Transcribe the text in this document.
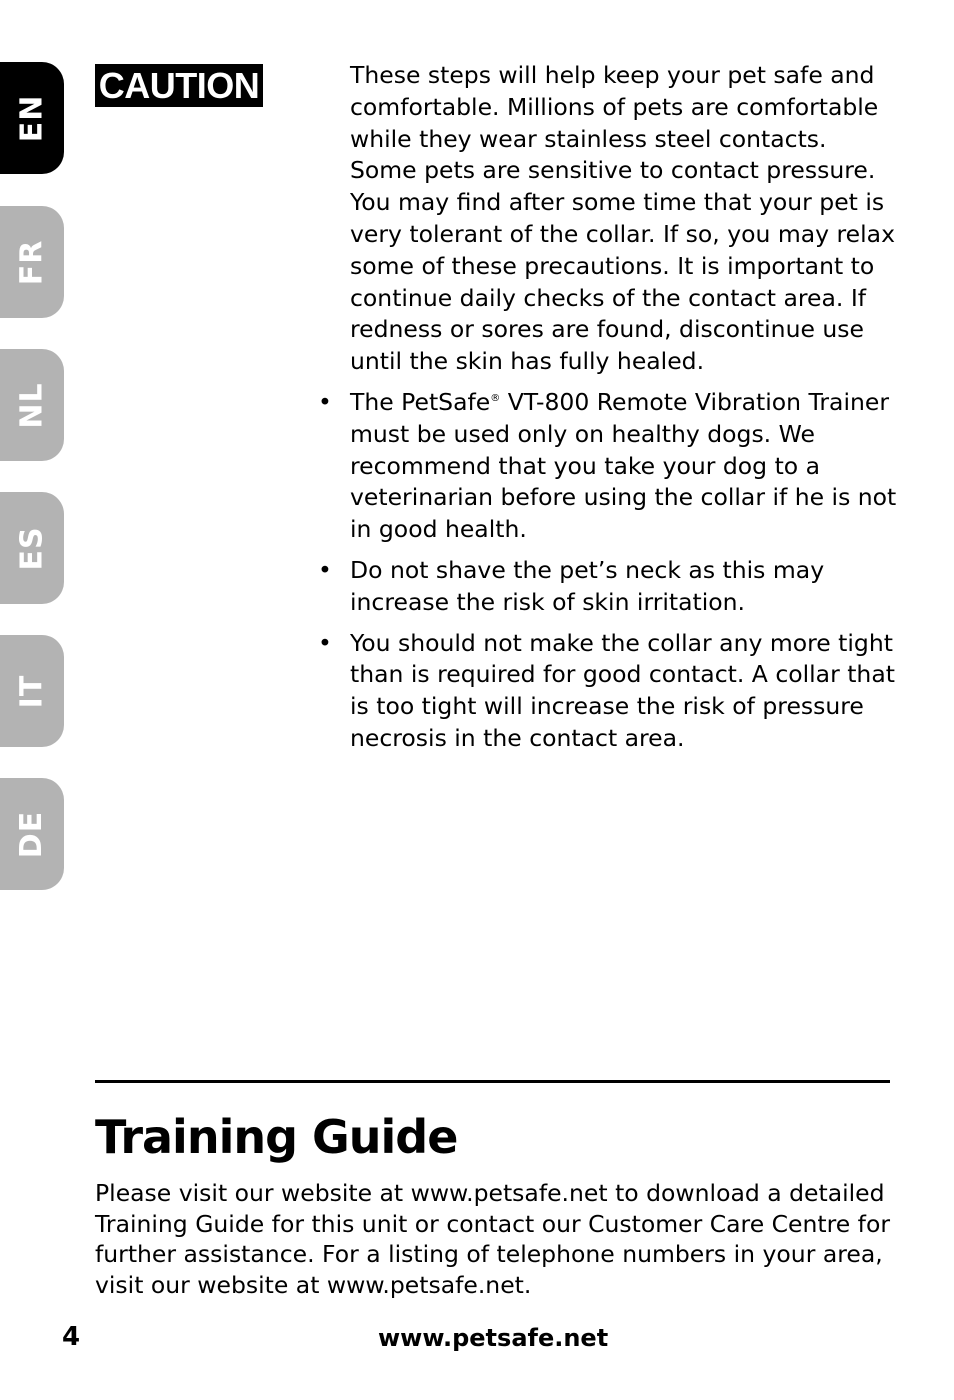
EN
FR
NL
ES
IT
DE
CAUTION	These steps will help keep your pet safe and comfortable. Millions of pets are comfortable while they wear stainless steel contacts. Some pets are sensitive to contact pressure. You may find after some time that your pet is very tolerant of the collar. If so, you may relax some of these precautions. It is important to continue daily checks of the contact area. If redness or sores are found, discontinue use until the skin has fully healed.

• The PetSafe® VT-800 Remote Vibration Trainer must be used only on healthy dogs. We recommend that you take your dog to a veterinarian before using the collar if he is not in good health.
• Do not shave the pet’s neck as this may increase the risk of skin irritation.
• You should not make the collar any more tight than is required for good contact. A collar that is too tight will increase the risk of pressure necrosis in the contact area.
Training Guide

Please visit our website at www.petsafe.net to download a detailed Training Guide for this unit or contact our Customer Care Centre for further assistance. For a listing of telephone numbers in your area, visit our website at www.petsafe.net.

4	www.petsafe.net
